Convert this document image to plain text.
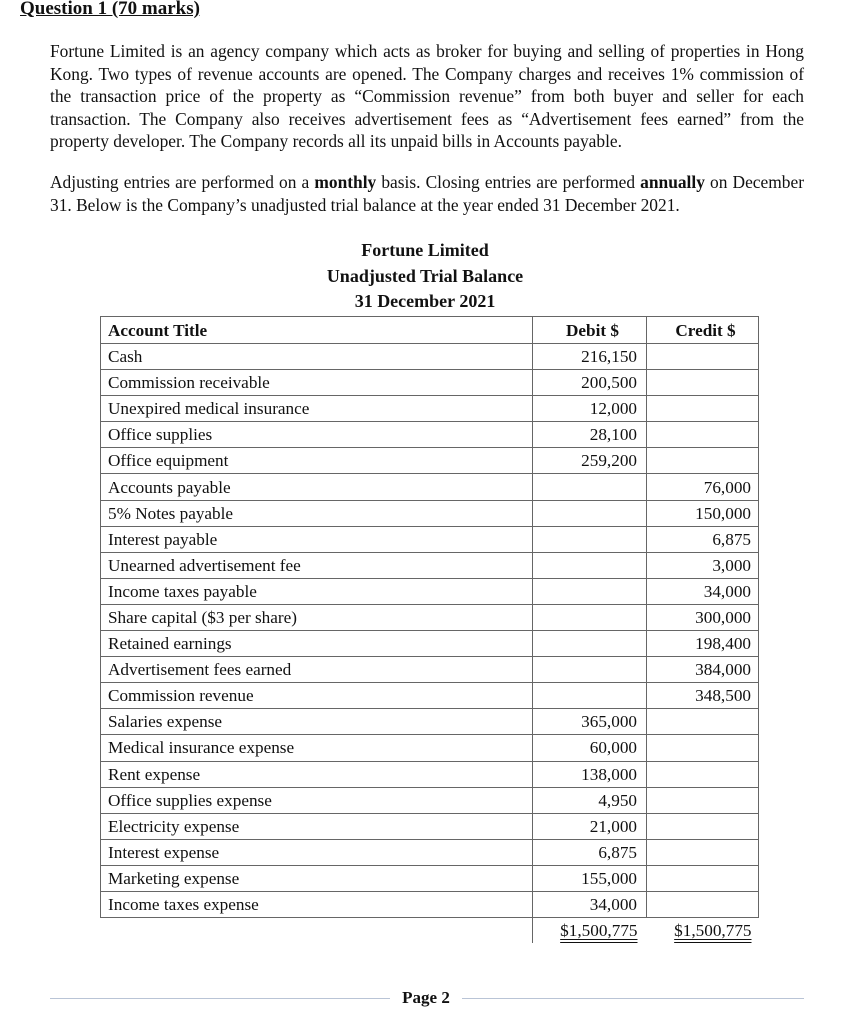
Question 1 (70 marks)

Fortune Limited is an agency company which acts as broker for buying and selling of properties in Hong Kong. Two types of revenue accounts are opened. The Company charges and receives 1% commission of the transaction price of the property as “Commission revenue” from both buyer and seller for each transaction. The Company also receives advertisement fees as “Advertisement fees earned” from the property developer. The Company records all its unpaid bills in Accounts payable.

Adjusting entries are performed on a monthly basis. Closing entries are performed annually on December 31. Below is the Company’s unadjusted trial balance at the year ended 31 December 2021.

Fortune Limited
Unadjusted Trial Balance
31 December 2021
Account Title	Debit $	Credit $
Cash	216,150	
Commission receivable	200,500	
Unexpired medical insurance	12,000	
Office supplies	28,100	
Office equipment	259,200	
Accounts payable		76,000
5% Notes payable		150,000
Interest payable		6,875
Unearned advertisement fee		3,000
Income taxes payable		34,000
Share capital ($3 per share)		300,000
Retained earnings		198,400
Advertisement fees earned		384,000
Commission revenue		348,500
Salaries expense	365,000	
Medical insurance expense	60,000	
Rent expense	138,000	
Office supplies expense	4,950	
Electricity expense	21,000	
Interest expense	6,875	
Marketing expense	155,000	
Income taxes expense	34,000	
	$1,500,775	$1,500,775
Page 2
